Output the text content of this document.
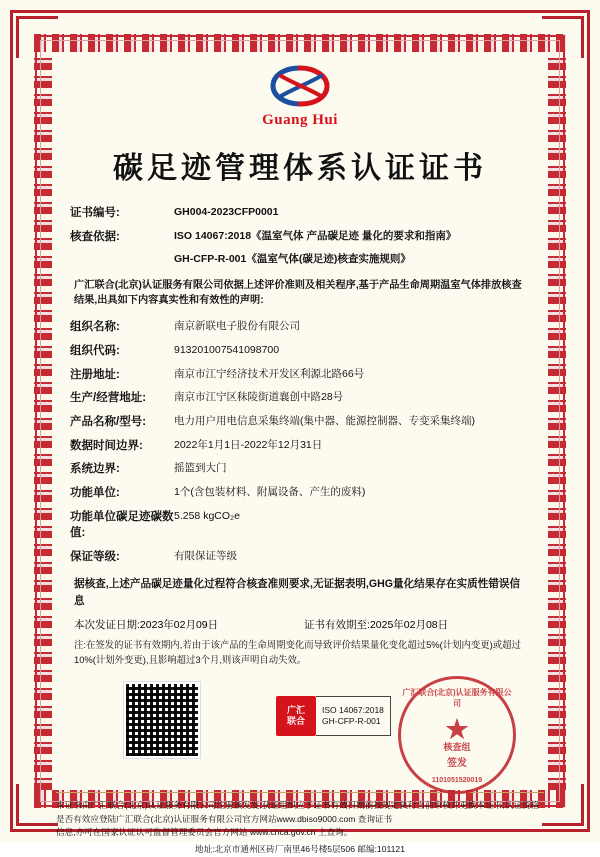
Guang Hui
碳足迹管理体系认证证书
证书编号:	GH004-2023CFP0001
核查依据:	ISO 14067:2018《温室气体 产品碳足迹 量化的要求和指南》
GH-CFP-R-001《温室气体(碳足迹)核查实施规则》
广汇联合(北京)认证服务有限公司依据上述评价准则及相关程序,基于产品生命周期温室气体排放核查结果,出具如下内容真实性和有效性的声明:
组织名称:	南京新联电子股份有限公司
组织代码:	913201007541098700
注册地址:	南京市江宁经济技术开发区利源北路66号
生产/经营地址:	南京市江宁区秣陵街道襄创中路28号
产品名称/型号:	电力用户用电信息采集终端(集中器、能源控制器、专变采集终端)
数据时间边界:	2022年1月1日-2022年12月31日
系统边界:	摇篮到大门
功能单位:	1个(含包装材料、附属设备、产生的废料)
功能单位碳足迹碳数值:
5.258 kgCO₂e
保证等级:	有限保证等级
据核查,上述产品碳足迹量化过程符合核查准则要求,无证据表明,GHG量化结果存在实质性错误信息
本次发证日期:2023年02月09日	证书有效期至:2025年02月08日
注:在签发的证书有效期内,若由于该产品的生命周期变化而导致评价结果量化变化超过5%(计划内变更)或超过10%(计划外变更),且影响超过3个月,则该声明自动失效。
广汇
联合
ISO 14067:2018
GH-CFP-R-001
广汇联合(北京)认证服务有限公司
★
核查组
签发
1101051520019
本证书由广汇联合(北京)认证服务有限公司注册颁发发;获证组织应于证书有效日期前按规定执行当前审核并更换本证书;认证资格是否有效应登陆广汇联合(北京)认证服务有限公司官方网站www.dbiso9000.com 查询证书
信息;亦可在国家认证认可监督管理委员会官方网站 www.cnca.gov.cn 上查询。
地址:北京市通州区砖厂南里46号楼5层506 邮编:101121
